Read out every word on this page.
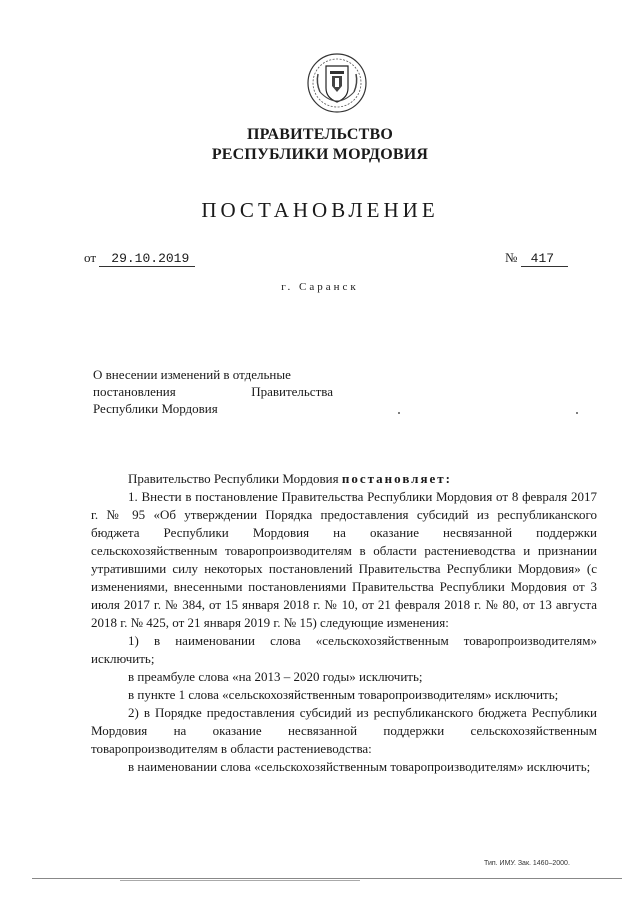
ПРАВИТЕЛЬСТВО
РЕСПУБЛИКИ МОРДОВИЯ
ПОСТАНОВЛЕНИЕ
от 29.10.2019	№ 417
г. Саранск
О внесении изменений в отдельные
постановления	Правительства
Республики Мордовия

Правительство Республики Мордовия постановляет:

1. Внести в постановление Правительства Республики Мордовия от 8 февраля 2017 г. № 95 «Об утверждении Порядка предоставления субсидий из республиканского бюджета Республики Мордовия на оказание несвязанной поддержки сельскохозяйственным товаропроизводителям в области растениеводства и признании утратившими силу некоторых постановлений Правительства Республики Мордовия» (с изменениями, внесенными постановлениями Правительства Республики Мордовия от 3 июля 2017 г. № 384, от 15 января 2018 г. № 10, от 21 февраля 2018 г. № 80, от 13 августа 2018 г. № 425, от 21 января 2019 г. № 15) следующие изменения:

1) в наименовании слова «сельскохозяйственным товаропроизводителям» исключить;

в преамбуле слова «на 2013 – 2020 годы» исключить;

в пункте 1 слова «сельскохозяйственным товаропроизводителям» исключить;

2) в Порядке предоставления субсидий из республиканского бюджета Республики Мордовия на оказание несвязанной поддержки сельскохозяйственным товаропроизводителям в области растениеводства:

в наименовании слова «сельскохозяйственным товаропроизводителям» исключить;

Тип. ИМУ. Зак. 1460–2000.
